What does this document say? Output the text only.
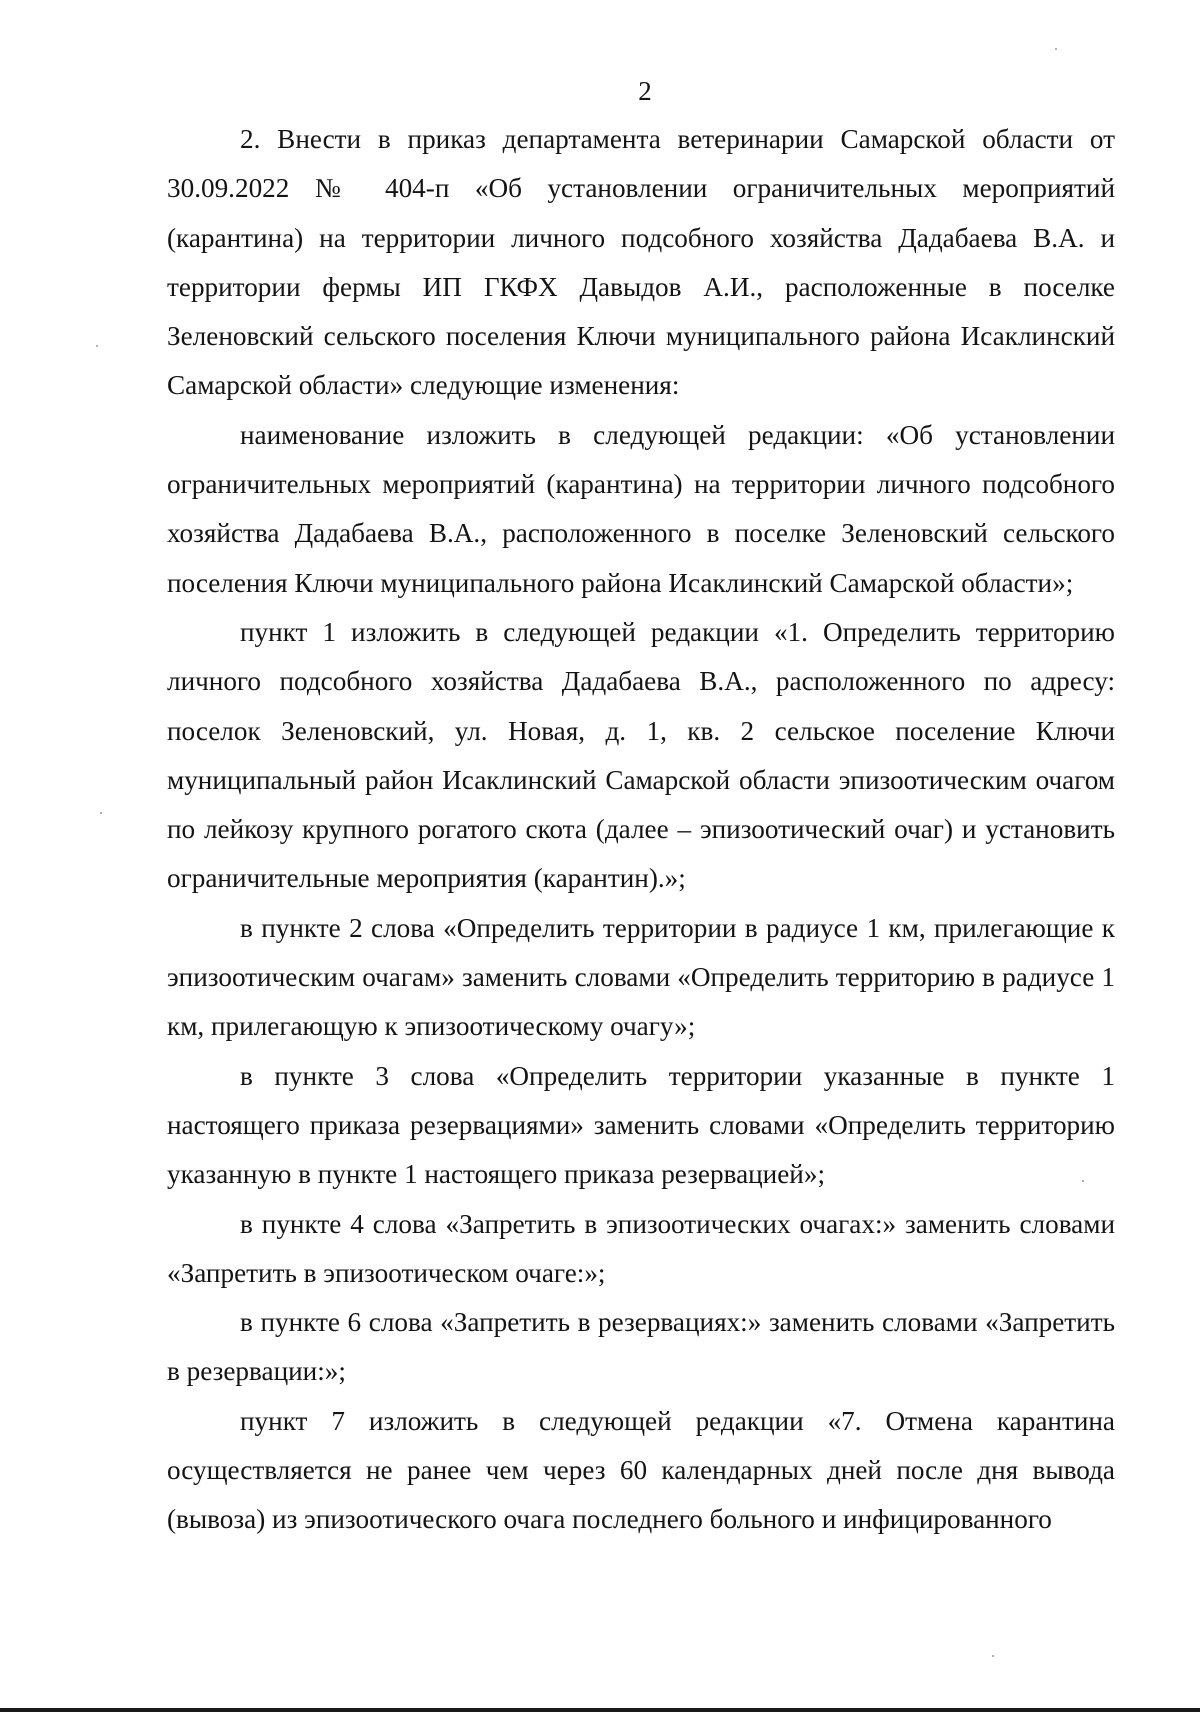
2

2. Внести в приказ департамента ветеринарии Самарской области от 30.09.2022 № 404-п «Об установлении ограничительных мероприятий (карантина) на территории личного подсобного хозяйства Дадабаева В.А. и территории фермы ИП ГКФХ Давыдов А.И., расположенные в поселке Зеленовский сельского поселения Ключи муниципального района Исаклинский Самарской области» следующие изменения:

наименование изложить в следующей редакции: «Об установлении ограничительных мероприятий (карантина) на территории личного подсобного хозяйства Дадабаева В.А., расположенного в поселке Зеленовский сельского поселения Ключи муниципального района Исаклинский Самарской области»;

пункт 1 изложить в следующей редакции «1. Определить территорию личного подсобного хозяйства Дадабаева В.А., расположенного по адресу: поселок Зеленовский, ул. Новая, д. 1, кв. 2 сельское поселение Ключи муниципальный район Исаклинский Самарской области эпизоотическим очагом по лейкозу крупного рогатого скота (далее – эпизоотический очаг) и установить ограничительные мероприятия (карантин).»;

в пункте 2 слова «Определить территории в радиусе 1 км, прилегающие к эпизоотическим очагам» заменить словами «Определить территорию в радиусе 1 км, прилегающую к эпизоотическому очагу»;

в пункте 3 слова «Определить территории указанные в пункте 1 настоящего приказа резервациями» заменить словами «Определить территорию указанную в пункте 1 настоящего приказа резервацией»;

в пункте 4 слова «Запретить в эпизоотических очагах:» заменить словами «Запретить в эпизоотическом очаге:»;

в пункте 6 слова «Запретить в резервациях:» заменить словами «Запретить в резервации:»;

пункт 7 изложить в следующей редакции «7. Отмена карантина осуществляется не ранее чем через 60 календарных дней после дня вывода (вывоза) из эпизоотического очага последнего больного и инфицированного
